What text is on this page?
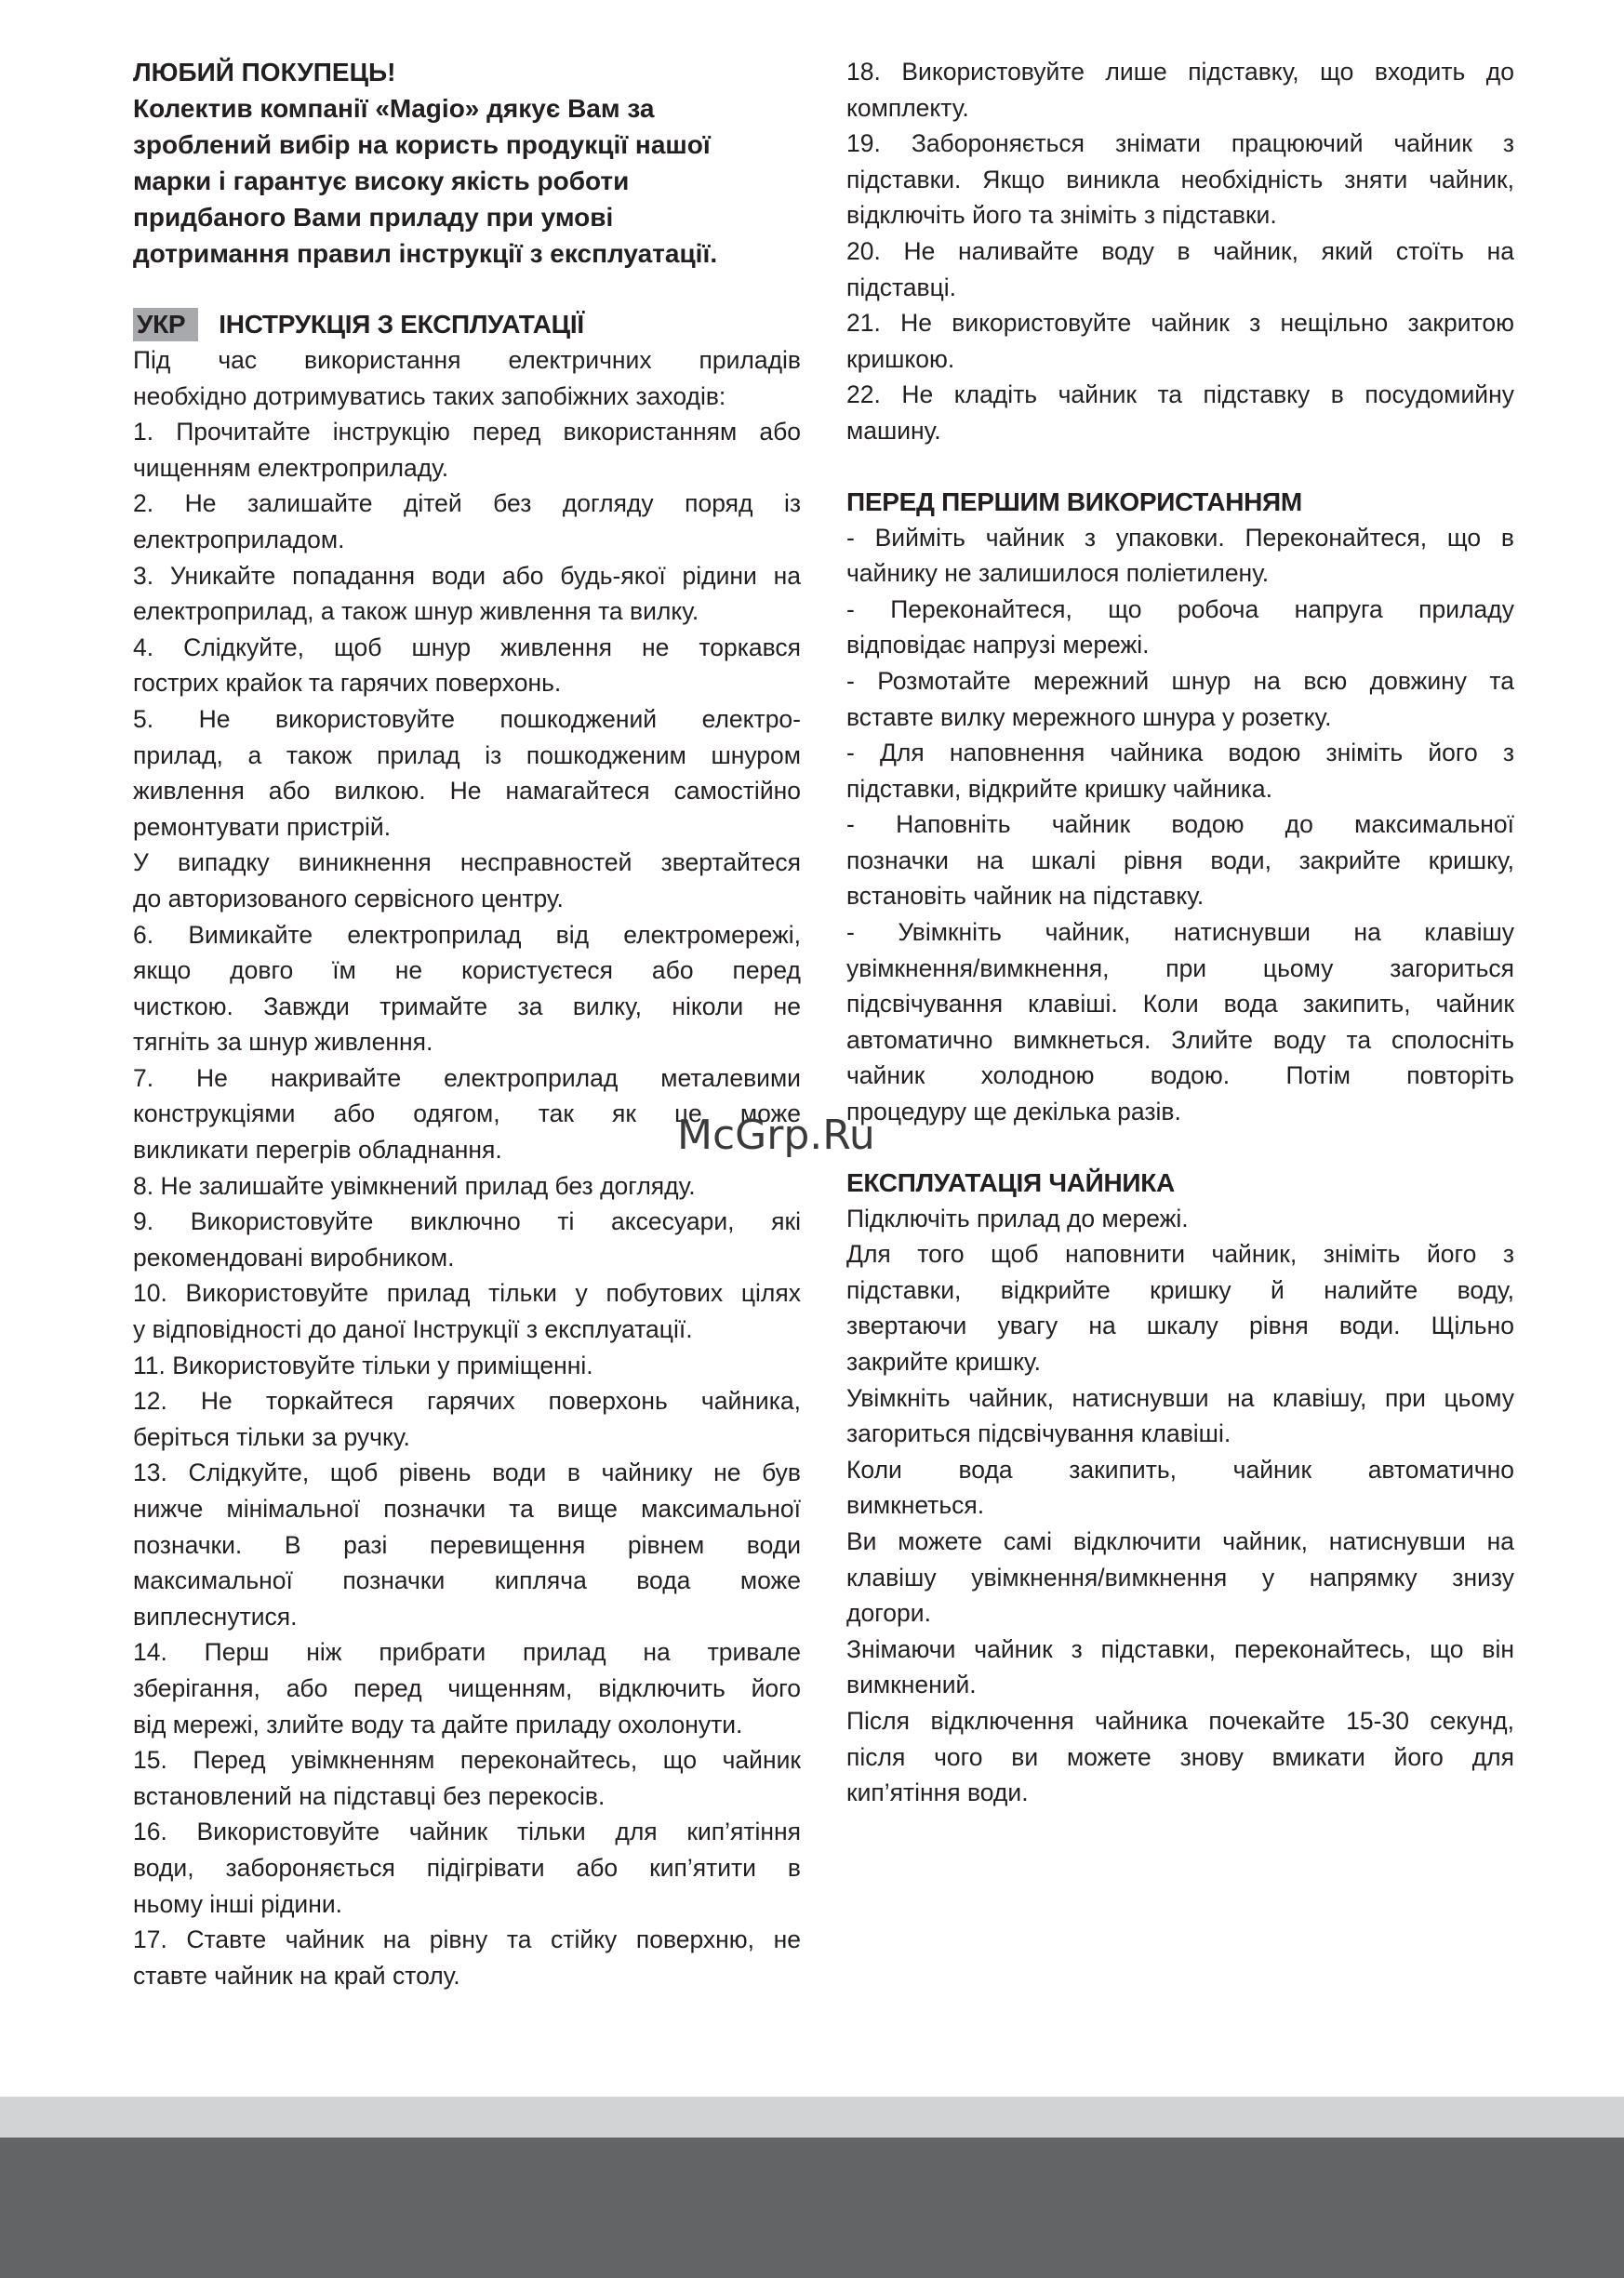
ЛЮБИЙ ПОКУПЕЦЬ!
Колектив компанії «Magio» дякує Вам за
зроблений вибір на користь продукції нашої
марки і гарантує високу якість роботи
придбаного Вами приладу при умові
дотримання правил інструкції з експлуатації.
УКР	ІНСТРУКЦІЯ З ЕКСПЛУАТАЦІЇ
Під час використання електричних приладів
необхідно дотримуватись таких запобіжних заходів:
1. Прочитайте інструкцію перед використанням або
чищенням електроприладу.
2. Не залишайте дітей без догляду поряд із
електроприладом.
3. Уникайте попадання води або будь-якої рідини на
електроприлад, а також шнур живлення та вилку.
4. Слідкуйте, щоб шнур живлення не торкався
гострих крайок та гарячих поверхонь.
5. Не використовуйте пошкоджений електро-
прилад, а також прилад із пошкодженим шнуром
живлення або вилкою. Не намагайтеся самостійно
ремонтувати пристрій.
У випадку виникнення несправностей звертайтеся
до авторизованого сервісного центру.
6. Вимикайте електроприлад від електромережі,
якщо довго їм не користуєтеся або перед
чисткою. Завжди тримайте за вилку, ніколи не
тягніть за шнур живлення.
7. Не накривайте електроприлад металевими
конструкціями або одягом, так як це може
викликати перегрів обладнання.
8. Не залишайте увімкнений прилад без догляду.
9. Використовуйте виключно ті аксесуари, які
рекомендовані виробником.
10. Використовуйте прилад тільки у побутових цілях
у відповідності до даної Інструкції з експлуатації.
11. Використовуйте тільки у приміщенні.
12. Не торкайтеся гарячих поверхонь чайника,
беріться тільки за ручку.
13. Слідкуйте, щоб рівень води в чайнику не був
нижче мінімальної позначки та вище максимальної
позначки. В разі перевищення рівнем води
максимальної позначки кипляча вода може
виплеснутися.
14. Перш ніж прибрати прилад на тривале
зберігання, або перед чищенням, відключить його
від мережі, злийте воду та дайте приладу охолонути.
15. Перед увімкненням переконайтесь, що чайник
встановлений на підставці без перекосів.
16. Використовуйте чайник тільки для кип’ятіння
води, забороняється підігрівати або кип’ятити в
ньому інші рідини.
17. Ставте чайник на рівну та стійку поверхню, не
ставте чайник на край столу.
18. Використовуйте лише підставку, що входить до
комплекту.
19. Забороняється знімати працюючий чайник з
підставки. Якщо виникла необхідність зняти чайник,
відключіть його та зніміть з підставки.
20. Не наливайте воду в чайник, який стоїть на
підставці.
21. Не використовуйте чайник з нещільно закритою
кришкою.
22. Не кладіть чайник та підставку в посудомийну
машину.
ПЕРЕД ПЕРШИМ ВИКОРИСТАННЯМ
- Вийміть чайник з упаковки. Переконайтеся, що в
чайнику не залишилося поліетилену.
- Переконайтеся, що робоча напруга приладу
відповідає напрузі мережі.
- Розмотайте мережний шнур на всю довжину та
вставте вилку мережного шнура у розетку.
- Для наповнення чайника водою зніміть його з
підставки, відкрийте кришку чайника.
- Наповніть чайник водою до максимальної
позначки на шкалі рівня води, закрийте кришку,
встановіть чайник на підставку.
- Увімкніть чайник, натиснувши на клавішу
увімкнення/вимкнення, при цьому загориться
підсвічування клавіші. Коли вода закипить, чайник
автоматично вимкнеться. Злийте воду та сполосніть
чайник холодною водою. Потім повторіть
процедуру ще декілька разів.
ЕКСПЛУАТАЦІЯ ЧАЙНИКА
Підключіть прилад до мережі.
Для того щоб наповнити чайник, зніміть його з
підставки, відкрийте кришку й налийте воду,
звертаючи увагу на шкалу рівня води. Щільно
закрийте кришку.
Увімкніть чайник, натиснувши на клавішу, при цьому
загориться підсвічування клавіші.
Коли вода закипить, чайник автоматично
вимкнеться.
Ви можете самі відключити чайник, натиснувши на
клавішу увімкнення/вимкнення у напрямку знизу
догори.
Знімаючи чайник з підставки, переконайтесь, що він
вимкнений.
Після відключення чайника почекайте 15-30 секунд,
після чого ви можете знову вмикати його для
кип’ятіння води.
McGrp.Ru
